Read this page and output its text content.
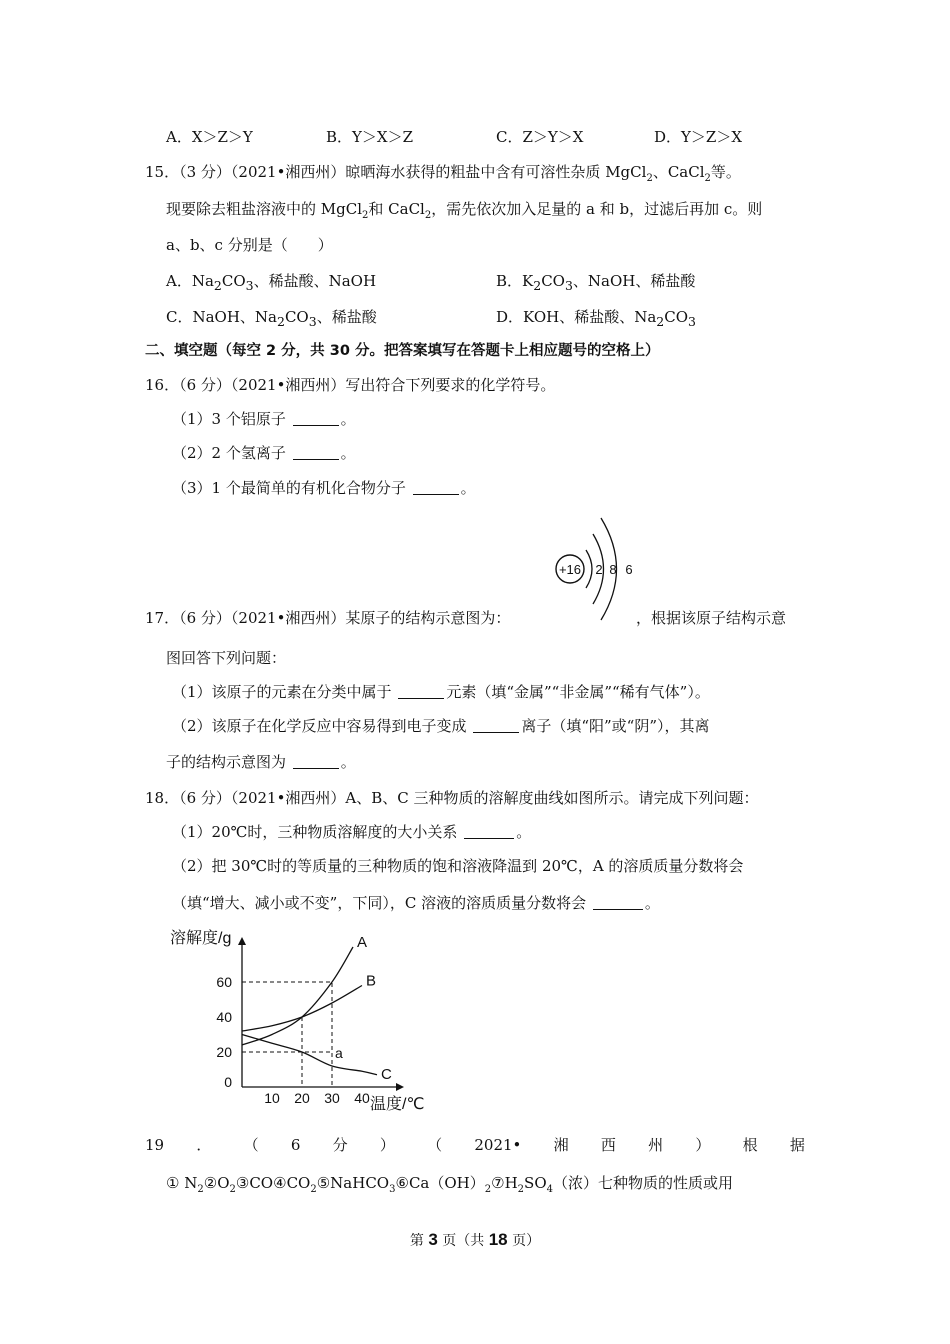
A．X＞Z＞Y	B．Y＞X＞Z	C．Z＞Y＞X	D．Y＞Z＞X
15．（3 分）（2021•湘西州）晾晒海水获得的粗盐中含有可溶性杂质 MgCl$_2$、CaCl$_2$等。
现要除去粗盐溶液中的 MgCl$_2$和 CaCl$_2$，需先依次加入足量的 a 和 b，过滤后再加 c。则
a、b、c 分别是（　　）
A．$Na_2CO_3$、稀盐酸、NaOH	B．$K_2CO_3$、NaOH、稀盐酸
C．NaOH、$Na_2CO_3$、稀盐酸	D．KOH、稀盐酸、$Na_2CO_3$
二、填空题（每空 2 分，共 30 分。把答案填写在答题卡上相应题号的空格上）
16．（6 分）（2021•湘西州）写出符合下列要求的化学符号。
（1）3 个铝原子	。
（2）2 个氢离子	。
（3）1 个最简单的有机化合物分子	。
+16 2 8 6
17．（6 分）（2021•湘西州）某原子的结构示意图为：	，根据该原子结构示意
图回答下列问题：
（1）该原子的元素在分类中属于	元素（填“金属”“非金属”“稀有气体”）。
（2）该原子在化学反应中容易得到电子变成	离子（填“阳”或“阴”），其离
子的结构示意图为	。
18．（6 分）（2021•湘西州）A、B、C 三种物质的溶解度曲线如图所示。请完成下列问题：
（1）20℃时，三种物质溶解度的大小关系	。
（2）把 30℃时的等质量的三种物质的饱和溶液降温到 20℃，A 的溶质质量分数将会
（填“增大、减小或不变”，下同），C 溶液的溶质质量分数将会	。
溶解度/g
温度/℃
10 20 30 40
0
20
40
60
a
A
B
C
19 ． （ 6 分 ） （ 2021• 湘 西 州 ） 根 据
① $N_2②O_2③CO④CO_2⑤NaHCO_3⑥Ca(OH)_2⑦H_2SO_4$（浓）七种物质的性质或用
第 3 页（共 18 页）
